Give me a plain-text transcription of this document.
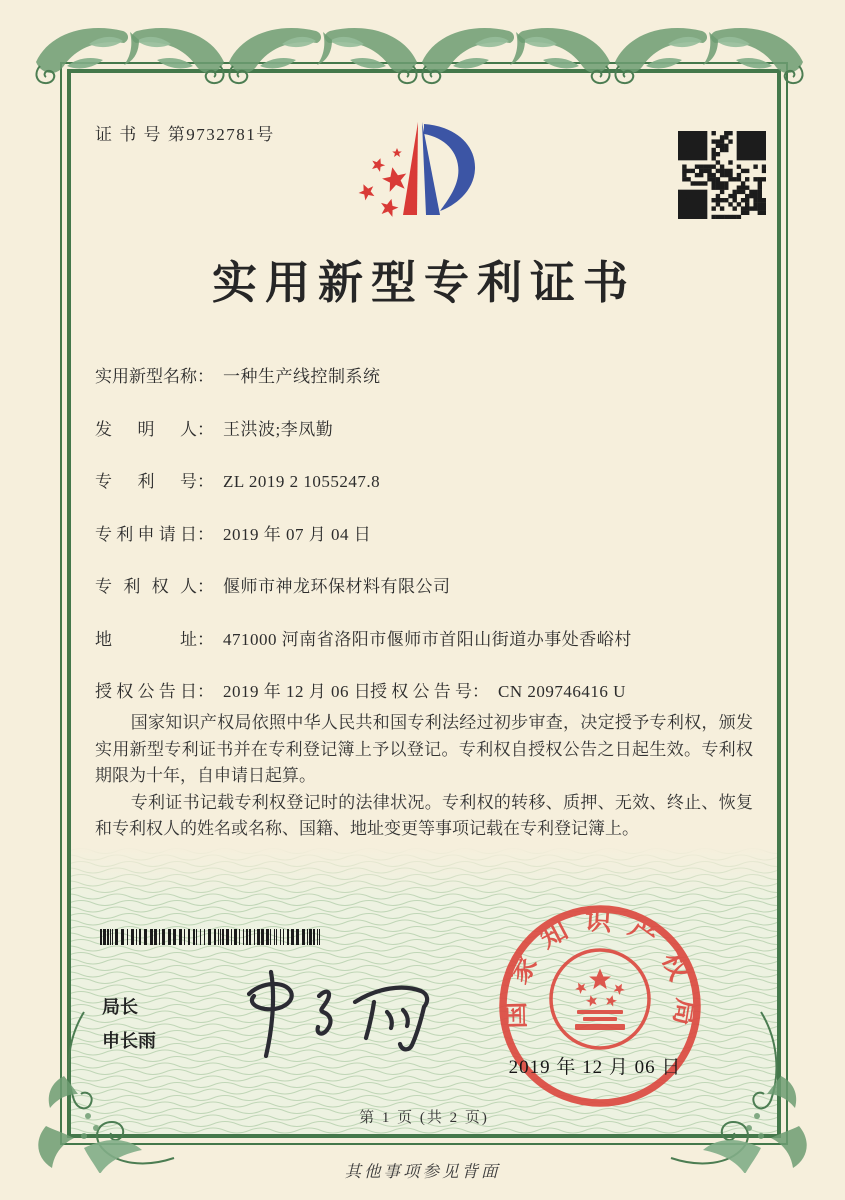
证 书 号 第9732781号
实用新型专利证书
实用新型名称： 一种生产线控制系统
发明人： 王洪波;李凤勤
专利号： ZL 2019 2 1055247.8
专利申请日： 2019 年 07 月 04 日
专利权人： 偃师市神龙环保材料有限公司
地址： 471000 河南省洛阳市偃师市首阳山街道办事处香峪村
授权公告日： 2019 年 12 月 06 日
授权公告号： CN 209746416 U

国家知识产权局依照中华人民共和国专利法经过初步审查，决定授予专利权，颁发实用新型专利证书并在专利登记簿上予以登记。专利权自授权公告之日起生效。专利权期限为十年，自申请日起算。

专利证书记载专利权登记时的法律状况。专利权的转移、质押、无效、终止、恢复和专利权人的姓名或名称、国籍、地址变更等事项记载在专利登记簿上。

局长
申长雨
国家知识产权局
2019 年 12 月 06 日
第 1 页 (共 2 页)
其他事项参见背面
